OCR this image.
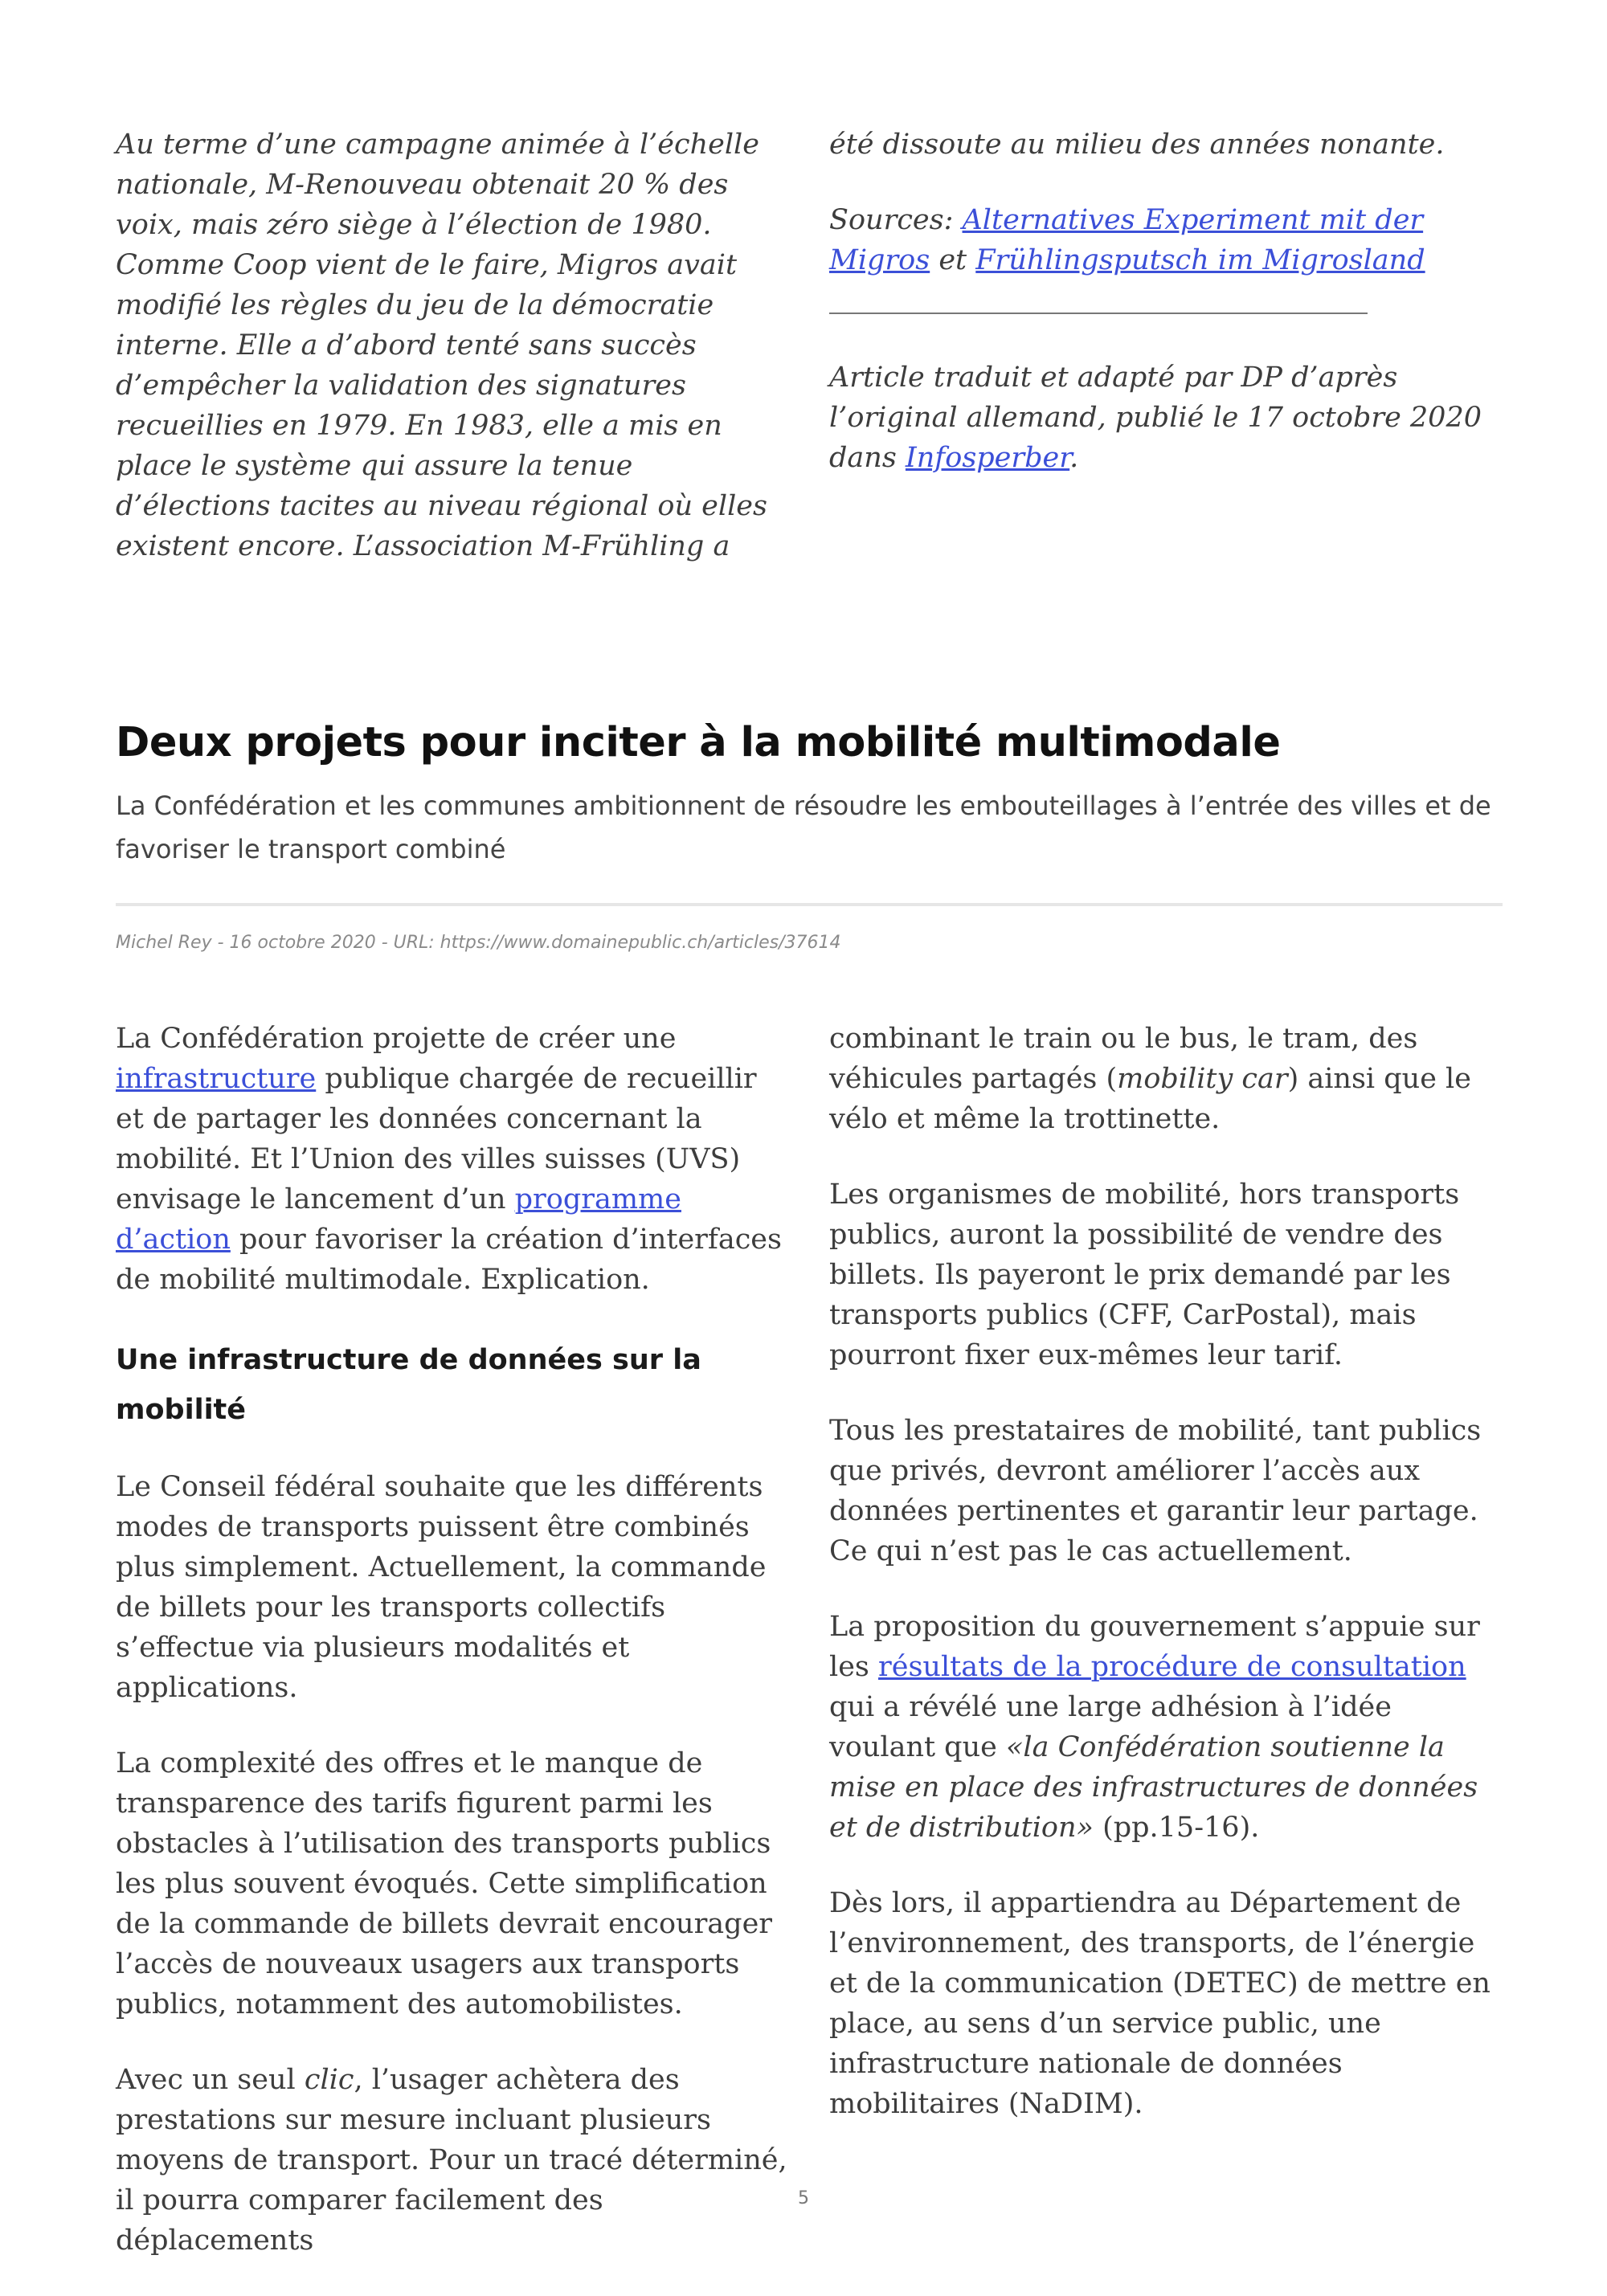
Au terme d’une campagne animée à l’échelle nationale, M-Renouveau obtenait 20 % des voix, mais zéro siège à l’élection de 1980. Comme Coop vient de le faire, Migros avait modifié les règles du jeu de la démocratie interne. Elle a d’abord tenté sans succès d’empêcher la validation des signatures recueillies en 1979. En 1983, elle a mis en place le système qui assure la tenue d’élections tacites au niveau régional où elles existent encore. L’association M-Frühling a

été dissoute au milieu des années nonante.

Sources: Alternatives Experiment mit der Migros et Frühlingsputsch im Migrosland

Article traduit et adapté par DP d’après l’original allemand, publié le 17 octobre 2020 dans Infosperber.

Deux projets pour inciter à la mobilité multimodale

La Confédération et les communes ambitionnent de résoudre les embouteillages à l’entrée des villes et de favoriser le transport combiné

Michel Rey - 16 octobre 2020 - URL: https://www.domainepublic.ch/articles/37614

La Confédération projette de créer une infrastructure publique chargée de recueillir et de partager les données concernant la mobilité. Et l’Union des villes suisses (UVS) envisage le lancement d’un programme d’action pour favoriser la création d’interfaces de mobilité multimodale. Explication.

Une infrastructure de données sur la mobilité

Le Conseil fédéral souhaite que les différents modes de transports puissent être combinés plus simplement. Actuellement, la commande de billets pour les transports collectifs s’effectue via plusieurs modalités et applications.

La complexité des offres et le manque de transparence des tarifs figurent parmi les obstacles à l’utilisation des transports publics les plus souvent évoqués. Cette simplification de la commande de billets devrait encourager l’accès de nouveaux usagers aux transports publics, notamment des automobilistes.

Avec un seul clic, l’usager achètera des prestations sur mesure incluant plusieurs moyens de transport. Pour un tracé déterminé, il pourra comparer facilement des déplacements

combinant le train ou le bus, le tram, des véhicules partagés (mobility car) ainsi que le vélo et même la trottinette.

Les organismes de mobilité, hors transports publics, auront la possibilité de vendre des billets. Ils payeront le prix demandé par les transports publics (CFF, CarPostal), mais pourront fixer eux-mêmes leur tarif.

Tous les prestataires de mobilité, tant publics que privés, devront améliorer l’accès aux données pertinentes et garantir leur partage. Ce qui n’est pas le cas actuellement.

La proposition du gouvernement s’appuie sur les résultats de la procédure de consultation qui a révélé une large adhésion à l’idée voulant que «la Confédération soutienne la mise en place des infrastructures de données et de distribution» (pp.15-16).

Dès lors, il appartiendra au Département de l’environnement, des transports, de l’énergie et de la communication (DETEC) de mettre en place, au sens d’un service public, une infrastructure nationale de données mobilitaires (NaDIM).

5
